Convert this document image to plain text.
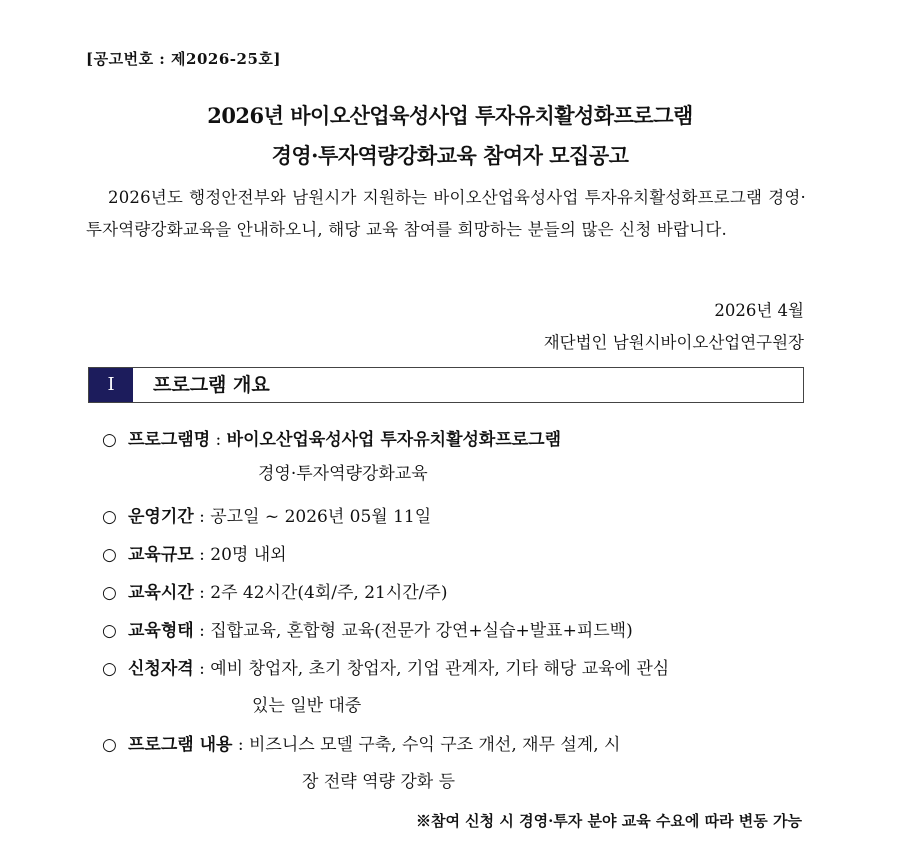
[공고번호 : 제2026-25호]
2026년 바이오산업육성사업 투자유치활성화프로그램
경영·투자역량강화교육 참여자 모집공고
2026년도 행정안전부와 남원시가 지원하는 바이오산업육성사업 투자유치활성화프로그램 경영·투자역량강화교육을 안내하오니, 해당 교육 참여를 희망하는 분들의 많은 신청 바랍니다.
2026년 4월
재단법인 남원시바이오산업연구원장
I	프로그램 개요
○ 프로그램명 : 바이오산업육성사업 투자유치활성화프로그램
경영·투자역량강화교육
○ 운영기간 : 공고일 ~ 2026년 05월 11일
○ 교육규모 : 20명 내외
○ 교육시간 : 2주 42시간(4회/주, 21시간/주)
○ 교육형태 : 집합교육, 혼합형 교육(전문가 강연+실습+발표+피드백)
○ 신청자격 : 예비 창업자, 초기 창업자, 기업 관계자, 기타 해당 교육에 관심
있는 일반 대중
○ 프로그램 내용 : 비즈니스 모델 구축, 수익 구조 개선, 재무 설계, 시
장 전략 역량 강화 등
※참여 신청 시 경영·투자 분야 교육 수요에 따라 변동 가능
